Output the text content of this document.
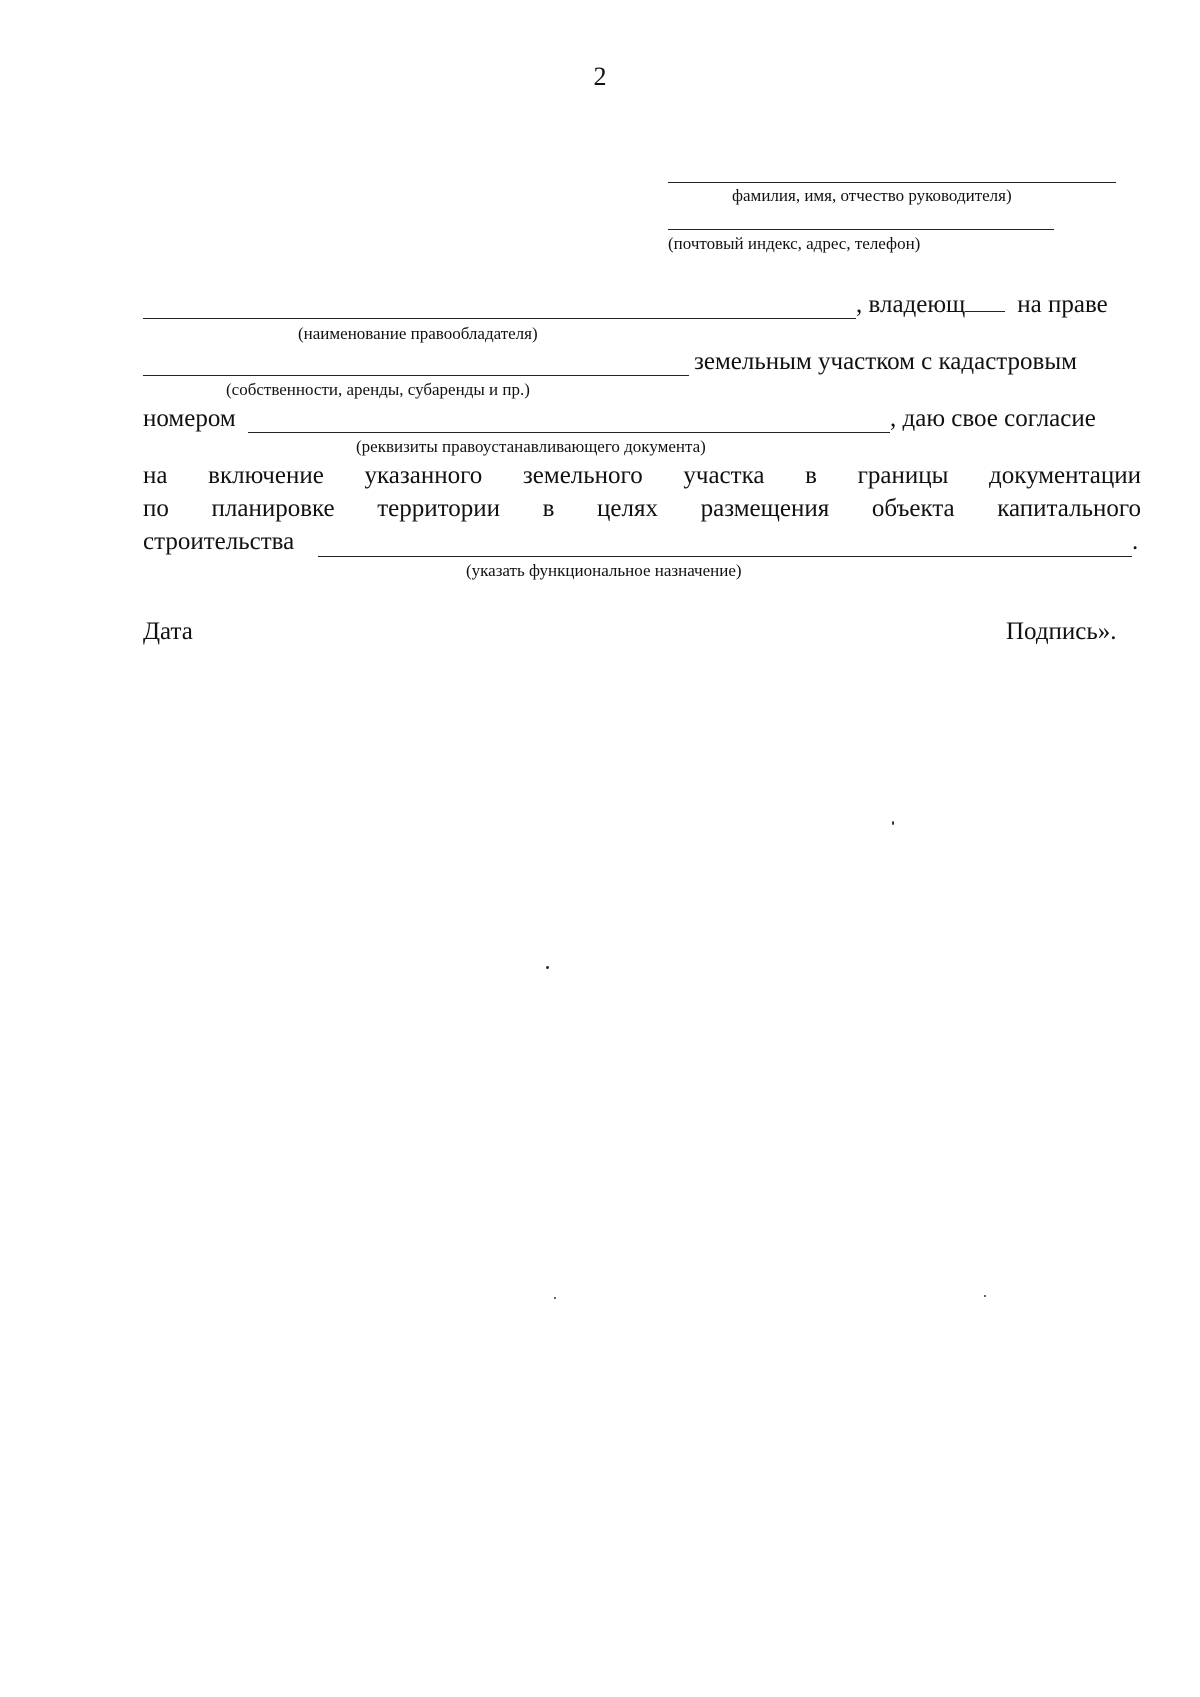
2
фамилия, имя, отчество руководителя)
(почтовый индекс, адрес, телефон)
, владеющ на праве
(наименование правообладателя)
земельным участком с кадастровым
(собственности, аренды, субаренды и пр.)
номером	, даю свое согласие
(реквизиты правоустанавливающего документа)
на включение указанного земельного участка в границы документации
по планировке территории в целях размещения объекта капитального
строительства	.
(указать функциональное назначение)
Дата	Подпись».
